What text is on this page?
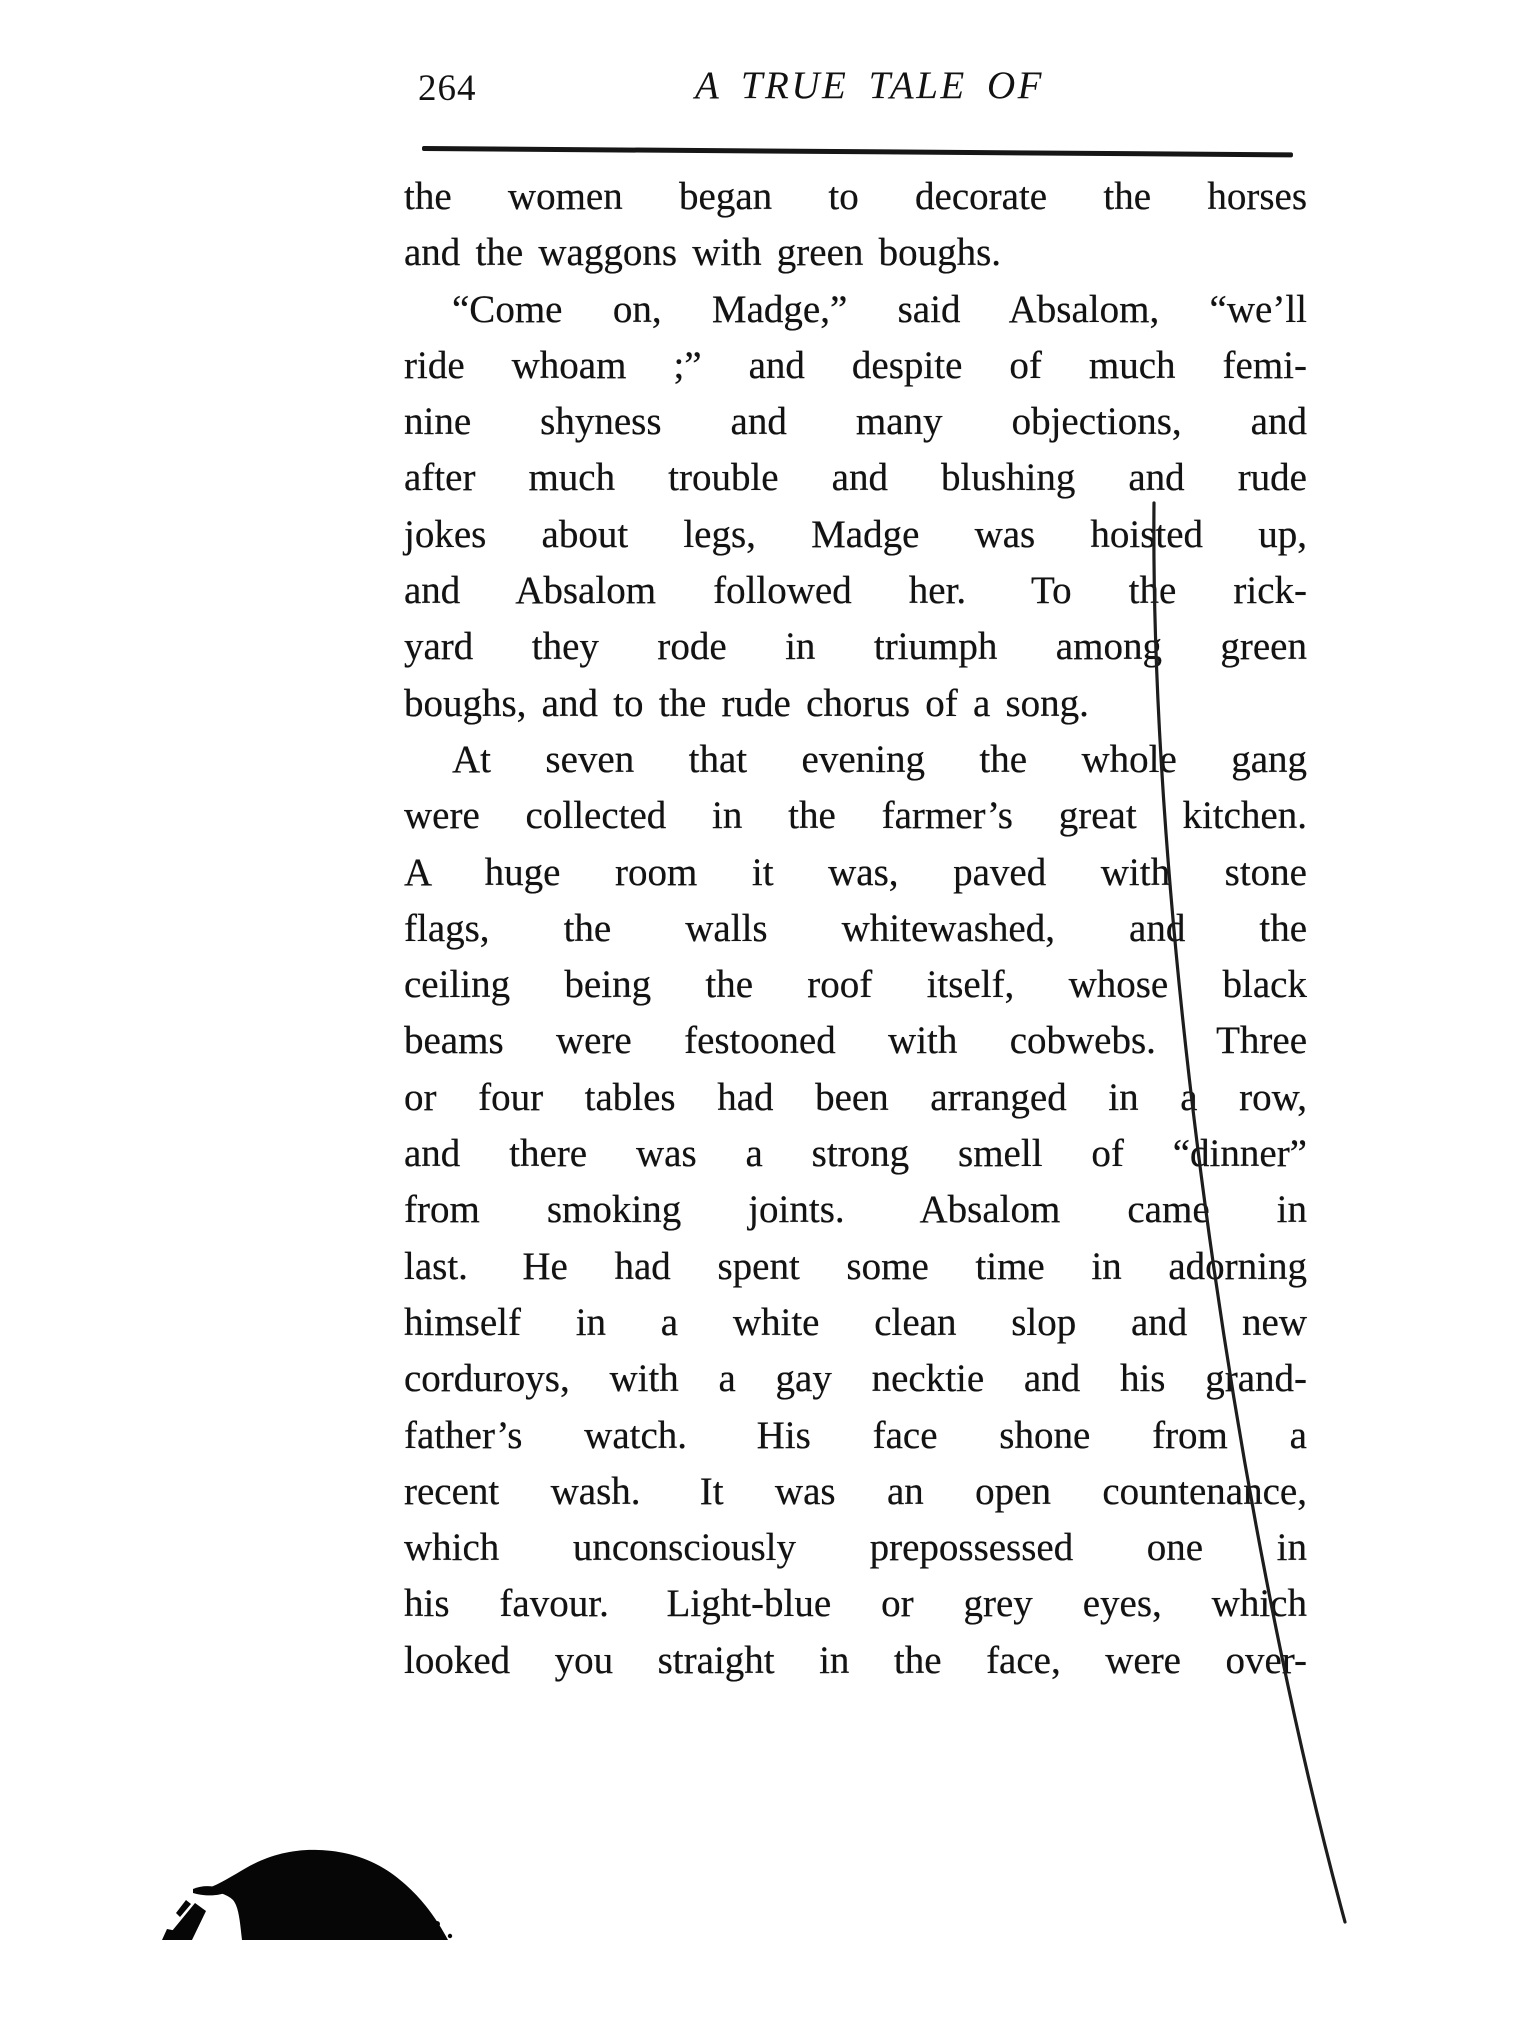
264	A TRUE TALE OF
the women began to decorate the horses
and the waggons with green boughs.
“Come on, Madge,” said Absalom, “we’ll
ride whoam ;” and despite of much femi-
nine shyness and many objections, and
after much trouble and blushing and rude
jokes about legs, Madge was hoisted up,
and Absalom followed her.  To the rick-
yard they rode in triumph among green
boughs, and to the rude chorus of a song.
At seven that evening the whole gang
were collected in the farmer’s great kitchen.
A huge room it was, paved with stone
flags, the walls whitewashed, and the
ceiling being the roof itself, whose black
beams were festooned with cobwebs.  Three
or four tables had been arranged in a row,
and there was a strong smell of “dinner”
from smoking joints.  Absalom came in
last.  He had spent some time in adorning
himself in a white clean slop and new
corduroys, with a gay necktie and his grand-
father’s watch.  His face shone from a
recent wash.  It was an open countenance,
which unconsciously prepossessed one in
his favour.  Light-blue or grey eyes, which
looked you straight in the face, were over-
